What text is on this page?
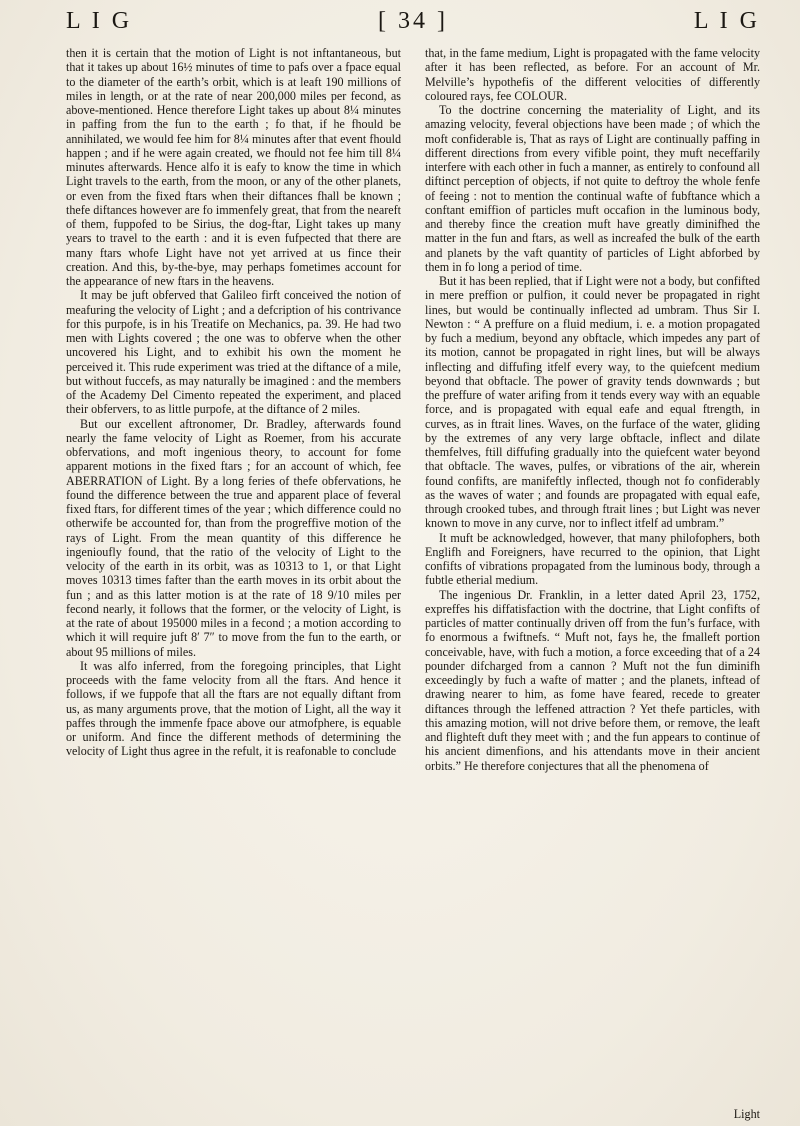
L I G	[ 34 ]	L I G

then it is certain that the motion of Light is not inftantaneous, but that it takes up about 16½ minutes of time to pafs over a fpace equal to the diameter of the earth’s orbit, which is at leaft 190 millions of miles in length, or at the rate of near 200,000 miles per fecond, as above-mentioned. Hence therefore Light takes up about 8¼ minutes in paffing from the fun to the earth ; fo that, if he fhould be annihilated, we would fee him for 8¼ minutes after that event fhould happen ; and if he were again created, we fhould not fee him till 8¼ minutes afterwards. Hence alfo it is eafy to know the time in which Light travels to the earth, from the moon, or any of the other planets, or even from the fixed ftars when their diftances fhall be known ; thefe diftances however are fo immenfely great, that from the neareft of them, fuppofed to be Sirius, the dog-ftar, Light takes up many years to travel to the earth : and it is even fufpected that there are many ftars whofe Light have not yet arrived at us fince their creation. And this, by-the-bye, may perhaps fometimes account for the appearance of new ftars in the heavens.

It may be juft obferved that Galileo firft conceived the notion of meafuring the velocity of Light ; and a defcription of his contrivance for this purpofe, is in his Treatife on Mechanics, pa. 39. He had two men with Lights covered ; the one was to obferve when the other uncovered his Light, and to exhibit his own the moment he perceived it. This rude experiment was tried at the diftance of a mile, but without fuccefs, as may naturally be imagined : and the members of the Academy Del Cimento repeated the experiment, and placed their obfervers, to as little purpofe, at the diftance of 2 miles.

But our excellent aftronomer, Dr. Bradley, afterwards found nearly the fame velocity of Light as Roemer, from his accurate obfervations, and moft ingenious theory, to account for fome apparent motions in the fixed ftars ; for an account of which, fee ABERRATION of Light. By a long feries of thefe obfervations, he found the difference between the true and apparent place of feveral fixed ftars, for different times of the year ; which difference could no otherwife be accounted for, than from the progreffive motion of the rays of Light. From the mean quantity of this difference he ingenioufly found, that the ratio of the velocity of Light to the velocity of the earth in its orbit, was as 10313 to 1, or that Light moves 10313 times fafter than the earth moves in its orbit about the fun ; and as this latter motion is at the rate of 18 9/10 miles per fecond nearly, it follows that the former, or the velocity of Light, is at the rate of about 195000 miles in a fecond ; a motion according to which it will require juft 8′ 7″ to move from the fun to the earth, or about 95 millions of miles.

It was alfo inferred, from the foregoing principles, that Light proceeds with the fame velocity from all the ftars. And hence it follows, if we fuppofe that all the ftars are not equally diftant from us, as many arguments prove, that the motion of Light, all the way it paffes through the immenfe fpace above our atmofphere, is equable or uniform. And fince the different methods of determining the velocity of Light thus agree in the refult, it is reafonable to conclude

that, in the fame medium, Light is propagated with the fame velocity after it has been reflected, as before. For an account of Mr. Melville’s hypothefis of the different velocities of differently coloured rays, fee COLOUR.

To the doctrine concerning the materiality of Light, and its amazing velocity, feveral objections have been made ; of which the moft confiderable is, That as rays of Light are continually paffing in different directions from every vifible point, they muft neceffarily interfere with each other in fuch a manner, as entirely to confound all diftinct perception of objects, if not quite to deftroy the whole fenfe of feeing : not to mention the continual wafte of fubftance which a conftant emiffion of particles muft occafion in the luminous body, and thereby fince the creation muft have greatly diminifhed the matter in the fun and ftars, as well as increafed the bulk of the earth and planets by the vaft quantity of particles of Light abforbed by them in fo long a period of time.

But it has been replied, that if Light were not a body, but confifted in mere preffion or pulfion, it could never be propagated in right lines, but would be continually inflected ad umbram. Thus Sir I. Newton : “ A preffure on a fluid medium, i. e. a motion propagated by fuch a medium, beyond any obftacle, which impedes any part of its motion, cannot be propagated in right lines, but will be always inflecting and diffufing itfelf every way, to the quiefcent medium beyond that obftacle. The power of gravity tends downwards ; but the preffure of water arifing from it tends every way with an equable force, and is propagated with equal eafe and equal ftrength, in curves, as in ftrait lines. Waves, on the furface of the water, gliding by the extremes of any very large obftacle, inflect and dilate themfelves, ftill diffufing gradually into the quiefcent water beyond that obftacle. The waves, pulfes, or vibrations of the air, wherein found confifts, are manifeftly inflected, though not fo confiderably as the waves of water ; and founds are propagated with equal eafe, through crooked tubes, and through ftrait lines ; but Light was never known to move in any curve, nor to inflect itfelf ad umbram.”

It muft be acknowledged, however, that many philofophers, both Englifh and Foreigners, have recurred to the opinion, that Light confifts of vibrations propagated from the luminous body, through a fubtle etherial medium.

The ingenious Dr. Franklin, in a letter dated April 23, 1752, expreffes his diffatisfaction with the doctrine, that Light confifts of particles of matter continually driven off from the fun’s furface, with fo enormous a fwiftnefs. “ Muft not, fays he, the fmalleft portion conceivable, have, with fuch a motion, a force exceeding that of a 24 pounder difcharged from a cannon ? Muft not the fun diminifh exceedingly by fuch a wafte of matter ; and the planets, inftead of drawing nearer to him, as fome have feared, recede to greater diftances through the leffened attraction ? Yet thefe particles, with this amazing motion, will not drive before them, or remove, the leaft and flighteft duft they meet with ; and the fun appears to continue of his ancient dimenfions, and his attendants move in their ancient orbits.” He therefore conjectures that all the phenomena of

Light
